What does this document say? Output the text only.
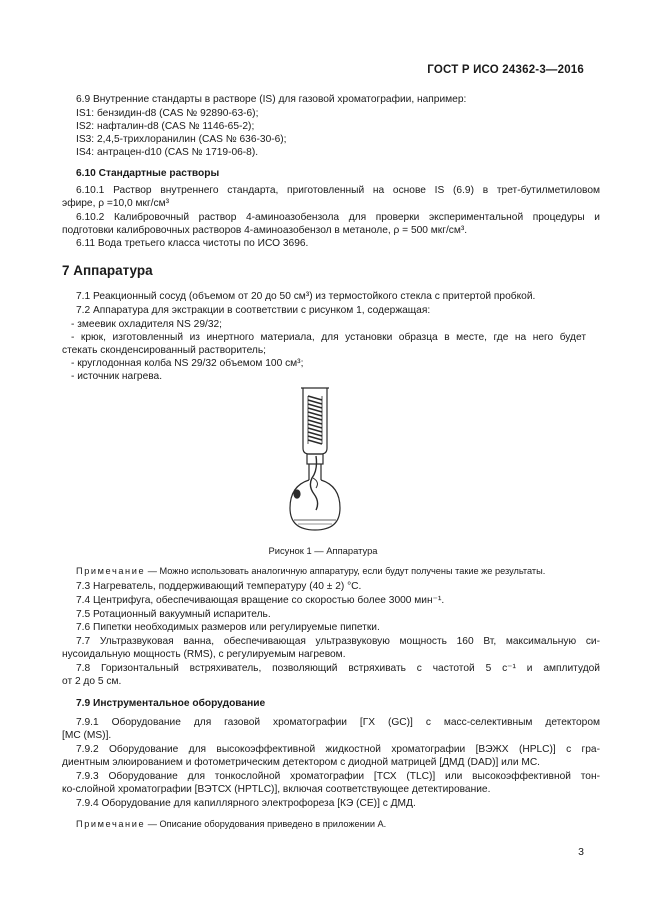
ГОСТ Р ИСО 24362-3—2016
6.9 Внутренние стандарты в растворе (IS) для газовой хроматографии, например:
IS1: бензидин-d8 (CAS № 92890-63-6);
IS2: нафталин-d8 (CAS № 1146-65-2);
IS3: 2,4,5-трихлоранилин (CAS № 636-30-6);
IS4: антрацен-d10 (CAS № 1719-06-8).
6.10 Стандартные растворы
6.10.1 Раствор внутреннего стандарта, приготовленный на основе IS (6.9) в трет-бутилметиловом
эфире, ρ =10,0 мкг/см³
6.10.2 Калибровочный раствор 4-аминоазобензола для проверки экспериментальной процедуры и
подготовки калибровочных растворов 4-аминоазобензол в метаноле, ρ = 500 мкг/см³.
6.11 Вода третьего класса чистоты по ИСО 3696.
7 Аппаратура
7.1 Реакционный сосуд (объемом от 20 до 50 см³) из термостойкого стекла с притертой пробкой.
7.2 Аппаратура для экстракции в соответствии с рисунком 1, содержащая:
- змеевик охладителя NS 29/32;
- крюк, изготовленный из инертного материала, для установки образца в месте, где на него будет
стекать сконденсированный растворитель;
- круглодонная колба NS 29/32 объемом 100 см³;
- источник нагрева.
Рисунок 1 — Аппаратура
Примечание — Можно использовать аналогичную аппаратуру, если будут получены такие же результаты.
7.3 Нагреватель, поддерживающий температуру (40 ± 2) °С.
7.4 Центрифуга, обеспечивающая вращение со скоростью более 3000 мин⁻¹.
7.5 Ротационный вакуумный испаритель.
7.6 Пипетки необходимых размеров или регулируемые пипетки.
7.7 Ультразвуковая ванна, обеспечивающая ультразвуковую мощность 160 Вт, максимальную си-
нусоидальную мощность (RMS), с регулируемым нагревом.
7.8 Горизонтальный встряхиватель, позволяющий встряхивать с частотой 5 с⁻¹ и амплитудой
от 2 до 5 см.
7.9 Инструментальное оборудование
7.9.1 Оборудование для газовой хроматографии [ГХ (GC)] с масс-селективным детектором
[МС (MS)].
7.9.2 Оборудование для высокоэффективной жидкостной хроматографии [ВЭЖХ (HPLC)] с гра-
диентным элюированием и фотометрическим детектором с диодной матрицей [ДМД (DAD)] или МС.
7.9.3 Оборудование для тонкослойной хроматографии [ТСХ (TLC)] или высокоэффективной тон-
ко-слойной хроматографии [ВЭТСХ (HPTLC)], включая соответствующее детектирование.
7.9.4 Оборудование для капиллярного электрофореза [КЭ (СЕ)] с ДМД.
Примечание — Описание оборудования приведено в приложении А.
3
